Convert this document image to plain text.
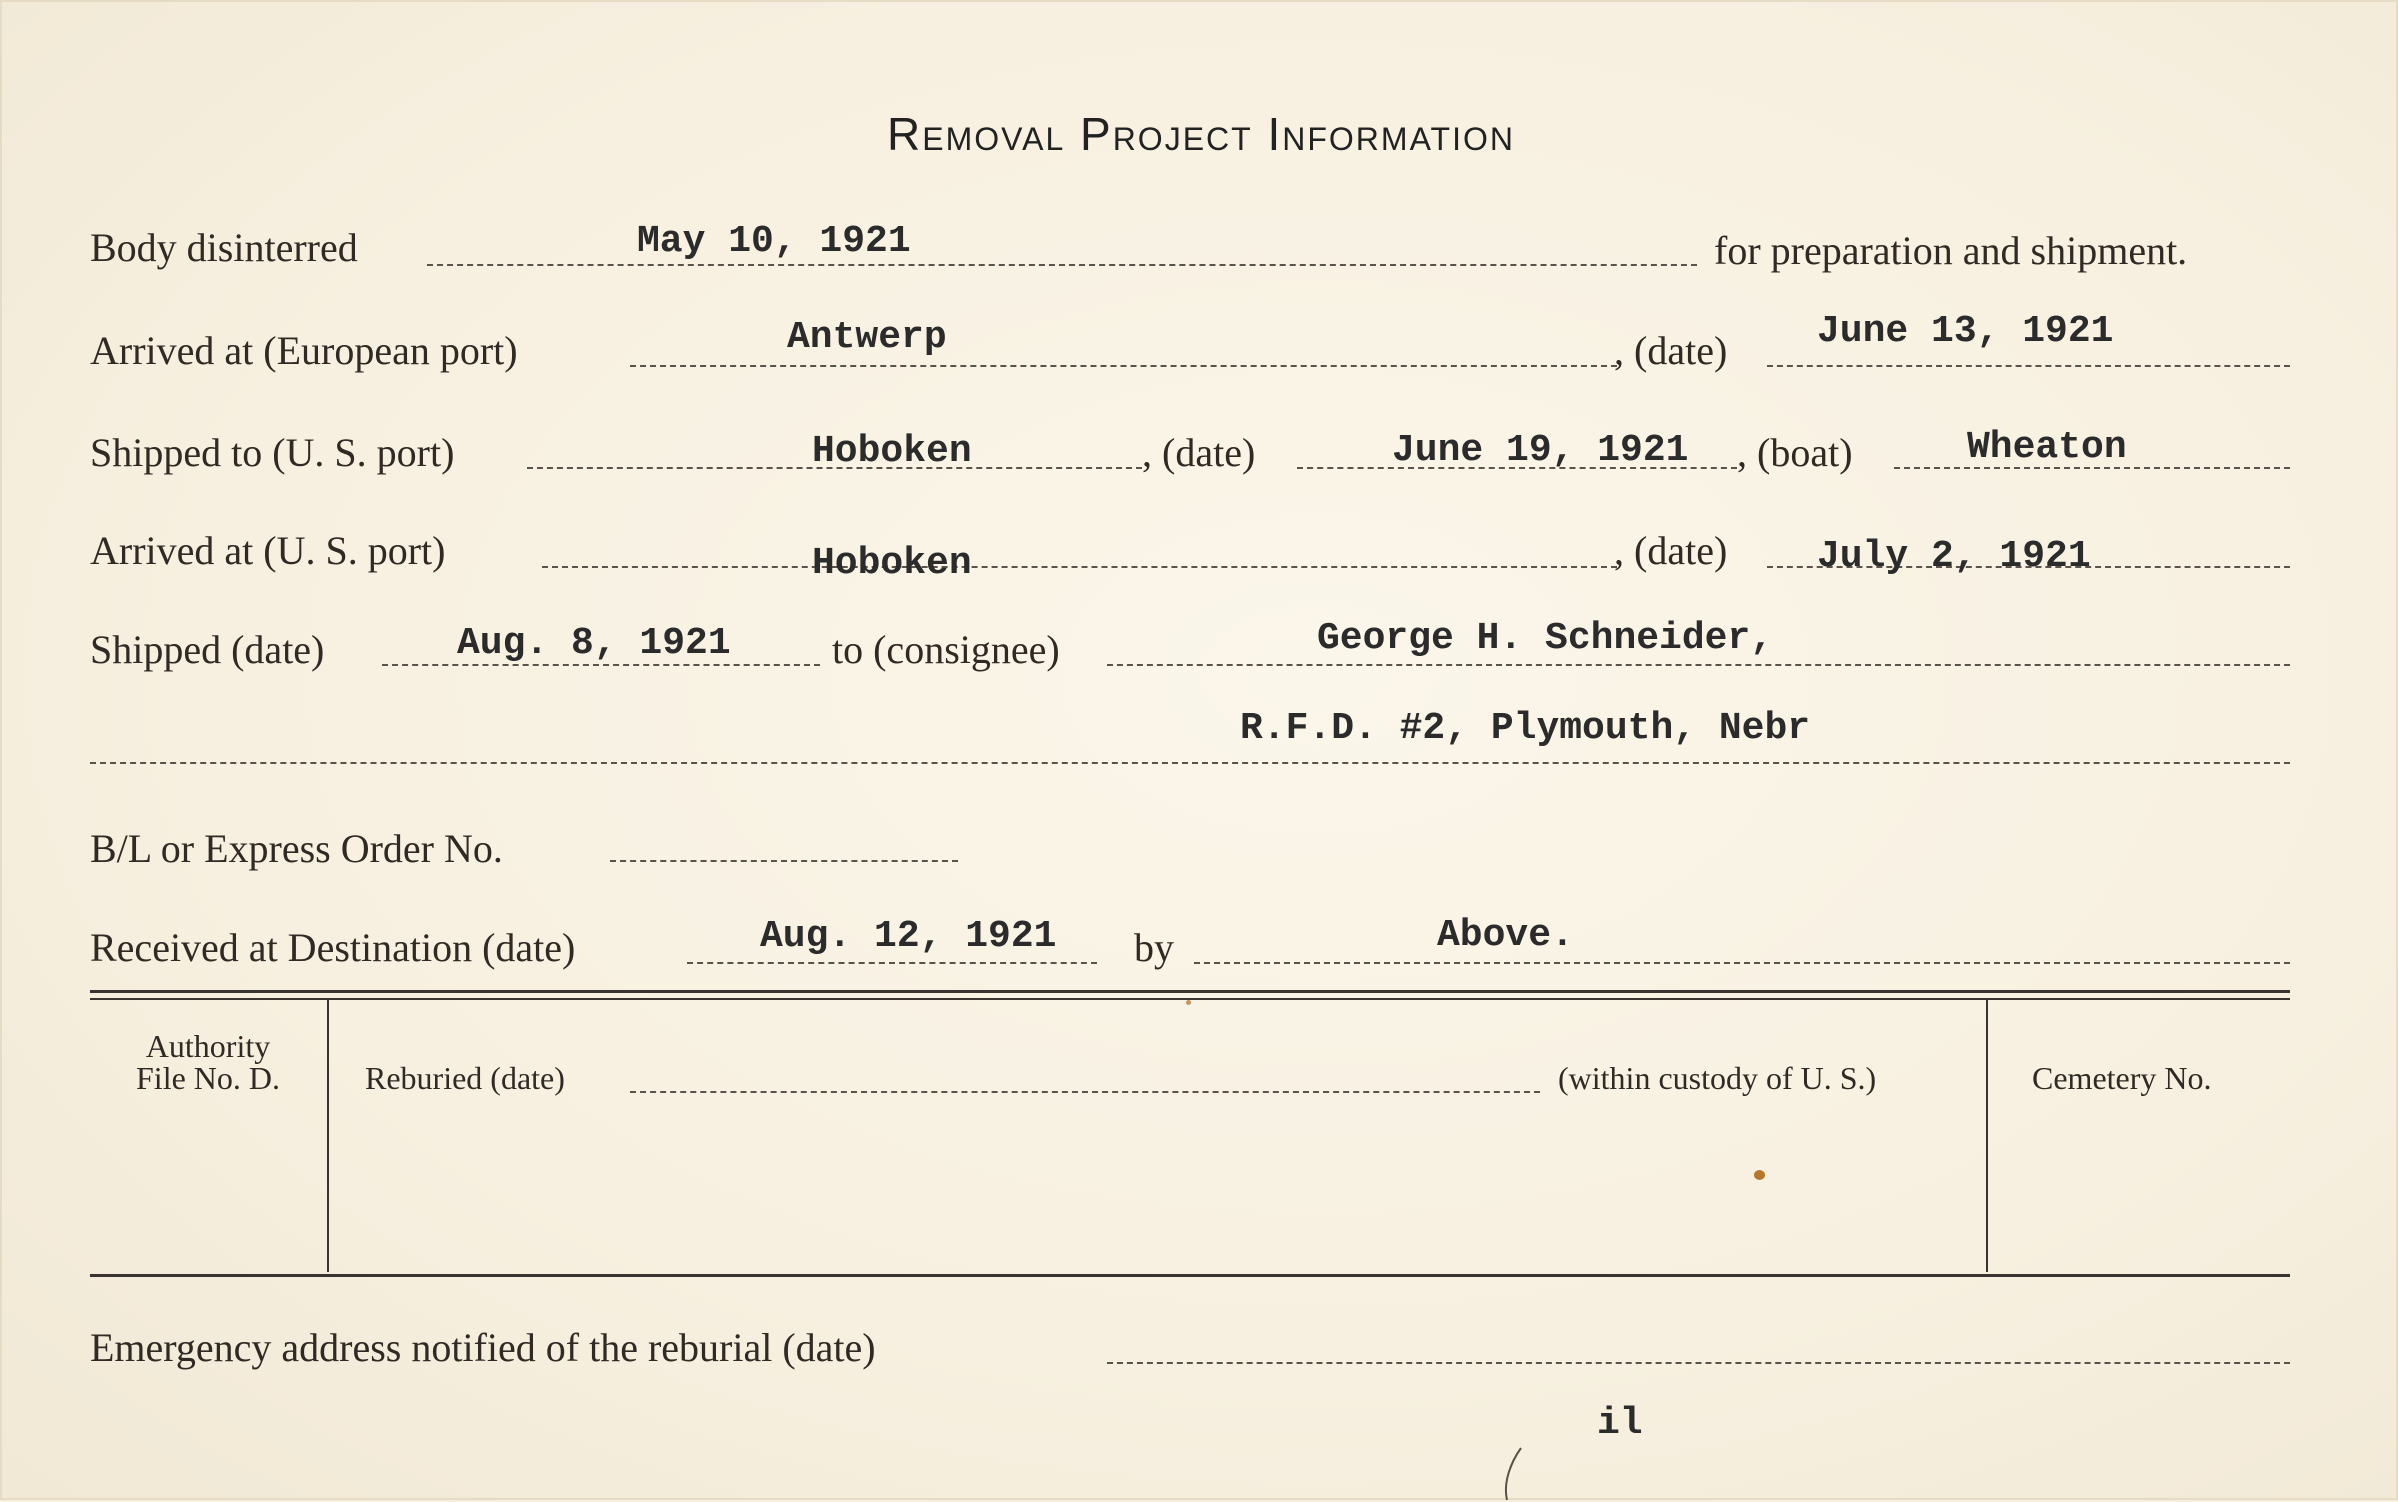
Removal Project Information
Body disinterred	May 10, 1921	for preparation and shipment.
Arrived at (European port)	Antwerp	, (date) June 13, 1921
Shipped to (U. S. port)	Hoboken	, (date)	June 19, 1921 , (boat)	Wheaton
Arrived at (U. S. port)	Hoboken	, (date) July 2, 1921
Shipped (date)	Aug. 8, 1921	to (consignee)	George H. Schneider,
R.F.D. #2, Plymouth, Nebr
B/L or Express Order No.
Received at Destination (date)	Aug. 12, 1921 by	Above.
Authority
File No. D.	Reburied (date)	(within custody of U. S.)	Cemetery No.
Emergency address notified of the reburial (date)
il
